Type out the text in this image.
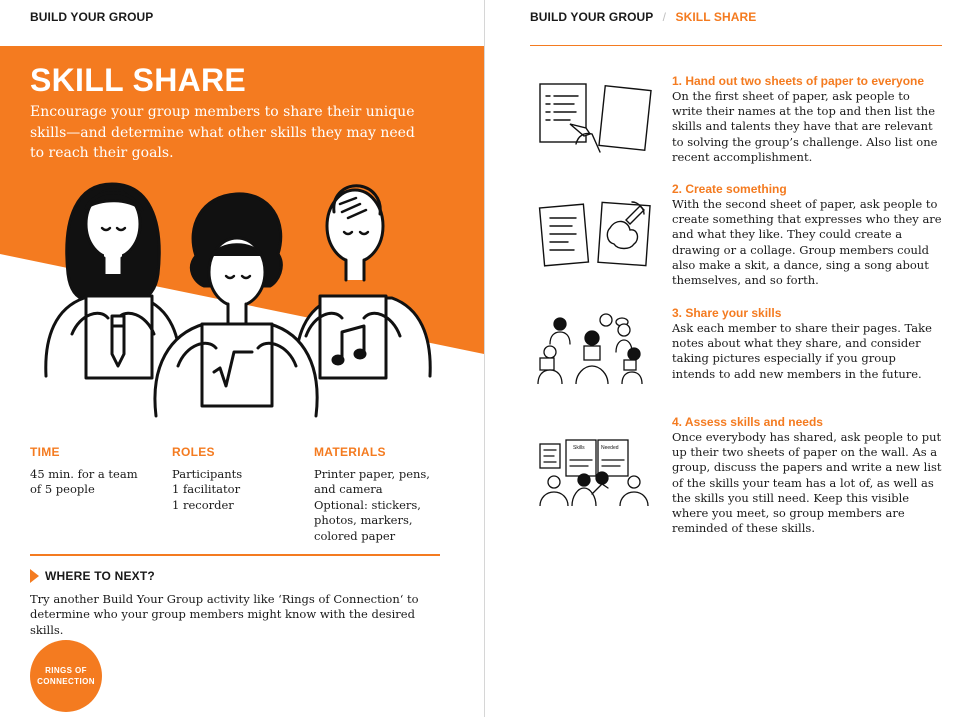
BUILD YOUR GROUP
SKILL SHARE
Encourage your group members to share their unique skills—and determine what other skills they may need to reach their goals.
TIME
45 min. for a team
of 5 people
ROLES
Participants
1 facilitator
1 recorder
MATERIALS
Printer paper, pens,
and camera
Optional: stickers,
photos, markers,
colored paper
WHERE TO NEXT?
Try another Build Your Group activity like ‘Rings of Connection‘ to determine who your group members might know with the desired skills.
RINGS OF
CONNECTION
BUILD YOUR GROUP / SKILL SHARE
1. Hand out two sheets of paper to everyone
On the first sheet of paper, ask people to write their names at the top and then list the skills and talents they have that are relevant to solving the group’s challenge. Also list one recent accomplishment.
2. Create something
With the second sheet of paper, ask people to create something that expresses who they are and what they like. They could create a drawing or a collage. Group members could also make a skit, a dance, sing a song about themselves, and so forth.
3. Share your skills
Ask each member to share their pages. Take notes about what they share, and consider taking pictures especially if you group intends to add new members in the future.
Skills	Needed
4. Assess skills and needs
Once everybody has shared, ask people to put up their two sheets of paper on the wall. As a group, discuss the papers and write a new list of the skills your team has a lot of, as well as the skills you still need. Keep this visible where you meet, so group members are reminded of these skills.
